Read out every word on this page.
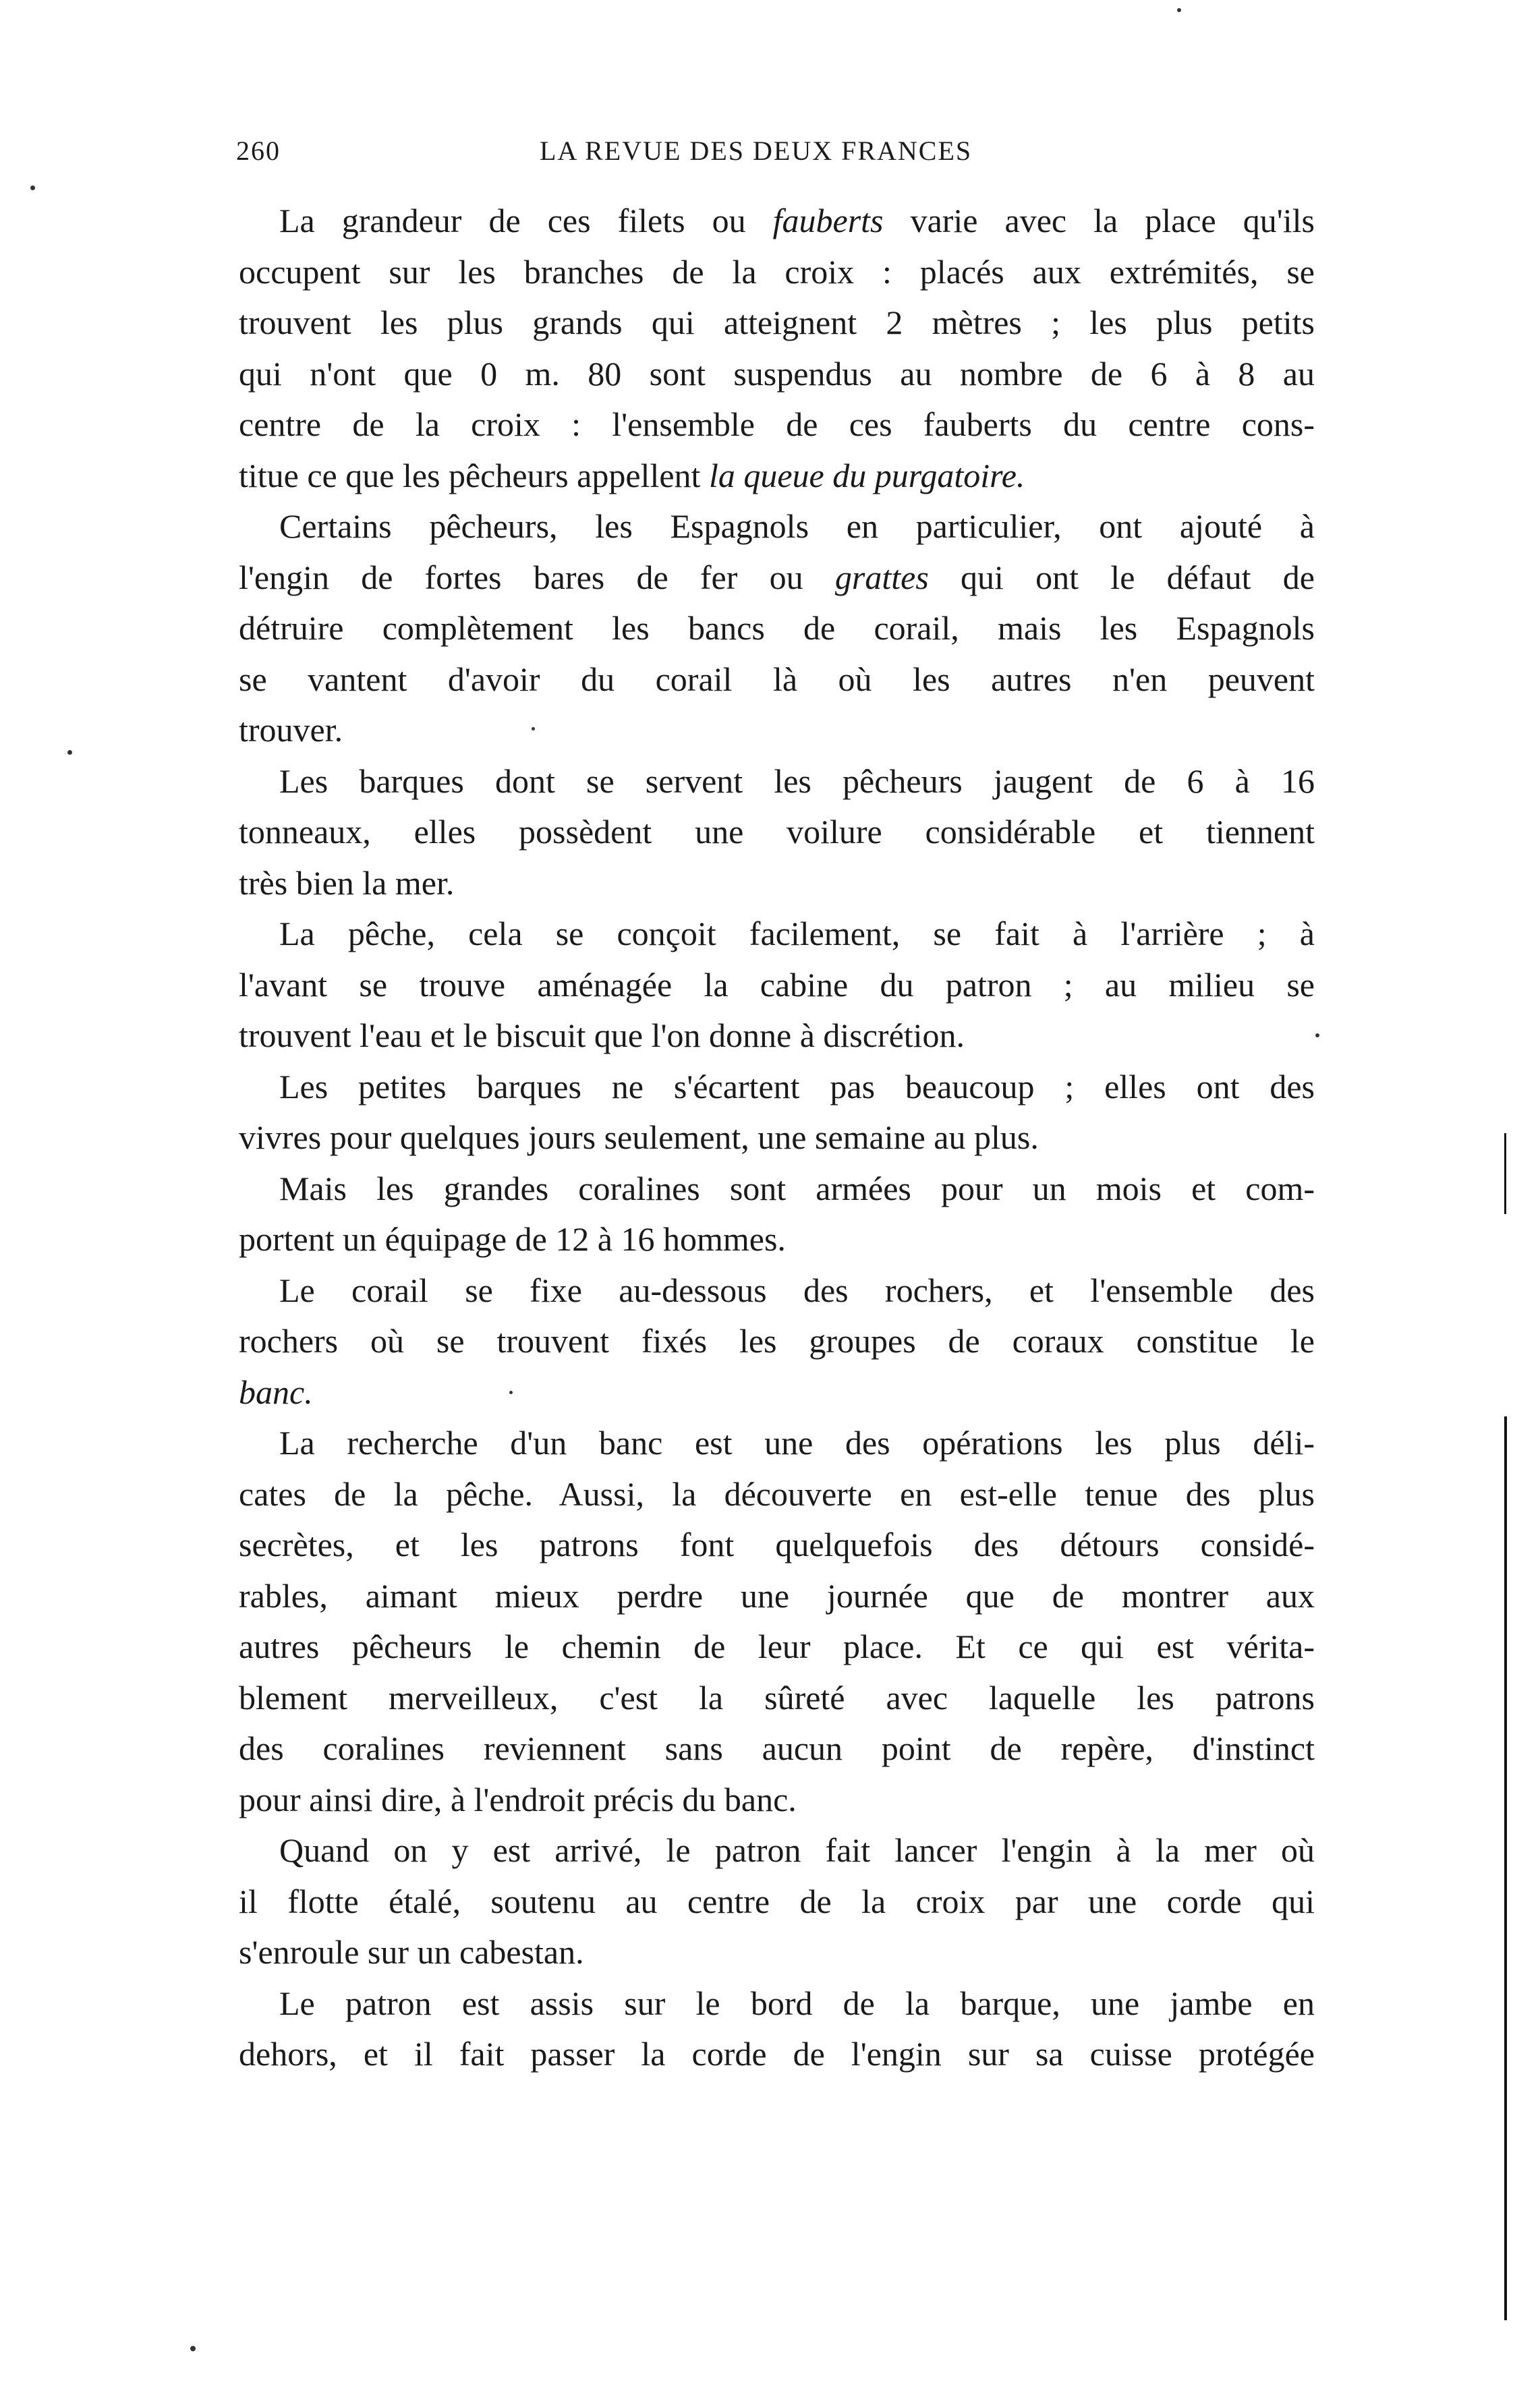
260	LA REVUE DES DEUX FRANCES
La grandeur de ces filets ou fauberts varie avec la place qu'ils
occupent sur les branches de la croix : placés aux extrémités, se
trouvent les plus grands qui atteignent 2 mètres ; les plus petits
qui n'ont que 0 m. 80 sont suspendus au nombre de 6 à 8 au
centre de la croix : l'ensemble de ces fauberts du centre cons-
titue ce que les pêcheurs appellent la queue du purgatoire.
Certains pêcheurs, les Espagnols en particulier, ont ajouté à
l'engin de fortes bares de fer ou grattes qui ont le défaut de
détruire complètement les bancs de corail, mais les Espagnols
se vantent d'avoir du corail là où les autres n'en peuvent
trouver.
Les barques dont se servent les pêcheurs jaugent de 6 à 16
tonneaux, elles possèdent une voilure considérable et tiennent
très bien la mer.
La pêche, cela se conçoit facilement, se fait à l'arrière ; à
l'avant se trouve aménagée la cabine du patron ; au milieu se
trouvent l'eau et le biscuit que l'on donne à discrétion.
Les petites barques ne s'écartent pas beaucoup ; elles ont des
vivres pour quelques jours seulement, une semaine au plus.
Mais les grandes coralines sont armées pour un mois et com-
portent un équipage de 12 à 16 hommes.
Le corail se fixe au-dessous des rochers, et l'ensemble des
rochers où se trouvent fixés les groupes de coraux constitue le
banc.
La recherche d'un banc est une des opérations les plus déli-
cates de la pêche. Aussi, la découverte en est-elle tenue des plus
secrètes, et les patrons font quelquefois des détours considé-
rables, aimant mieux perdre une journée que de montrer aux
autres pêcheurs le chemin de leur place. Et ce qui est vérita-
blement merveilleux, c'est la sûreté avec laquelle les patrons
des coralines reviennent sans aucun point de repère, d'instinct
pour ainsi dire, à l'endroit précis du banc.
Quand on y est arrivé, le patron fait lancer l'engin à la mer où
il flotte étalé, soutenu au centre de la croix par une corde qui
s'enroule sur un cabestan.
Le patron est assis sur le bord de la barque, une jambe en
dehors, et il fait passer la corde de l'engin sur sa cuisse protégée
